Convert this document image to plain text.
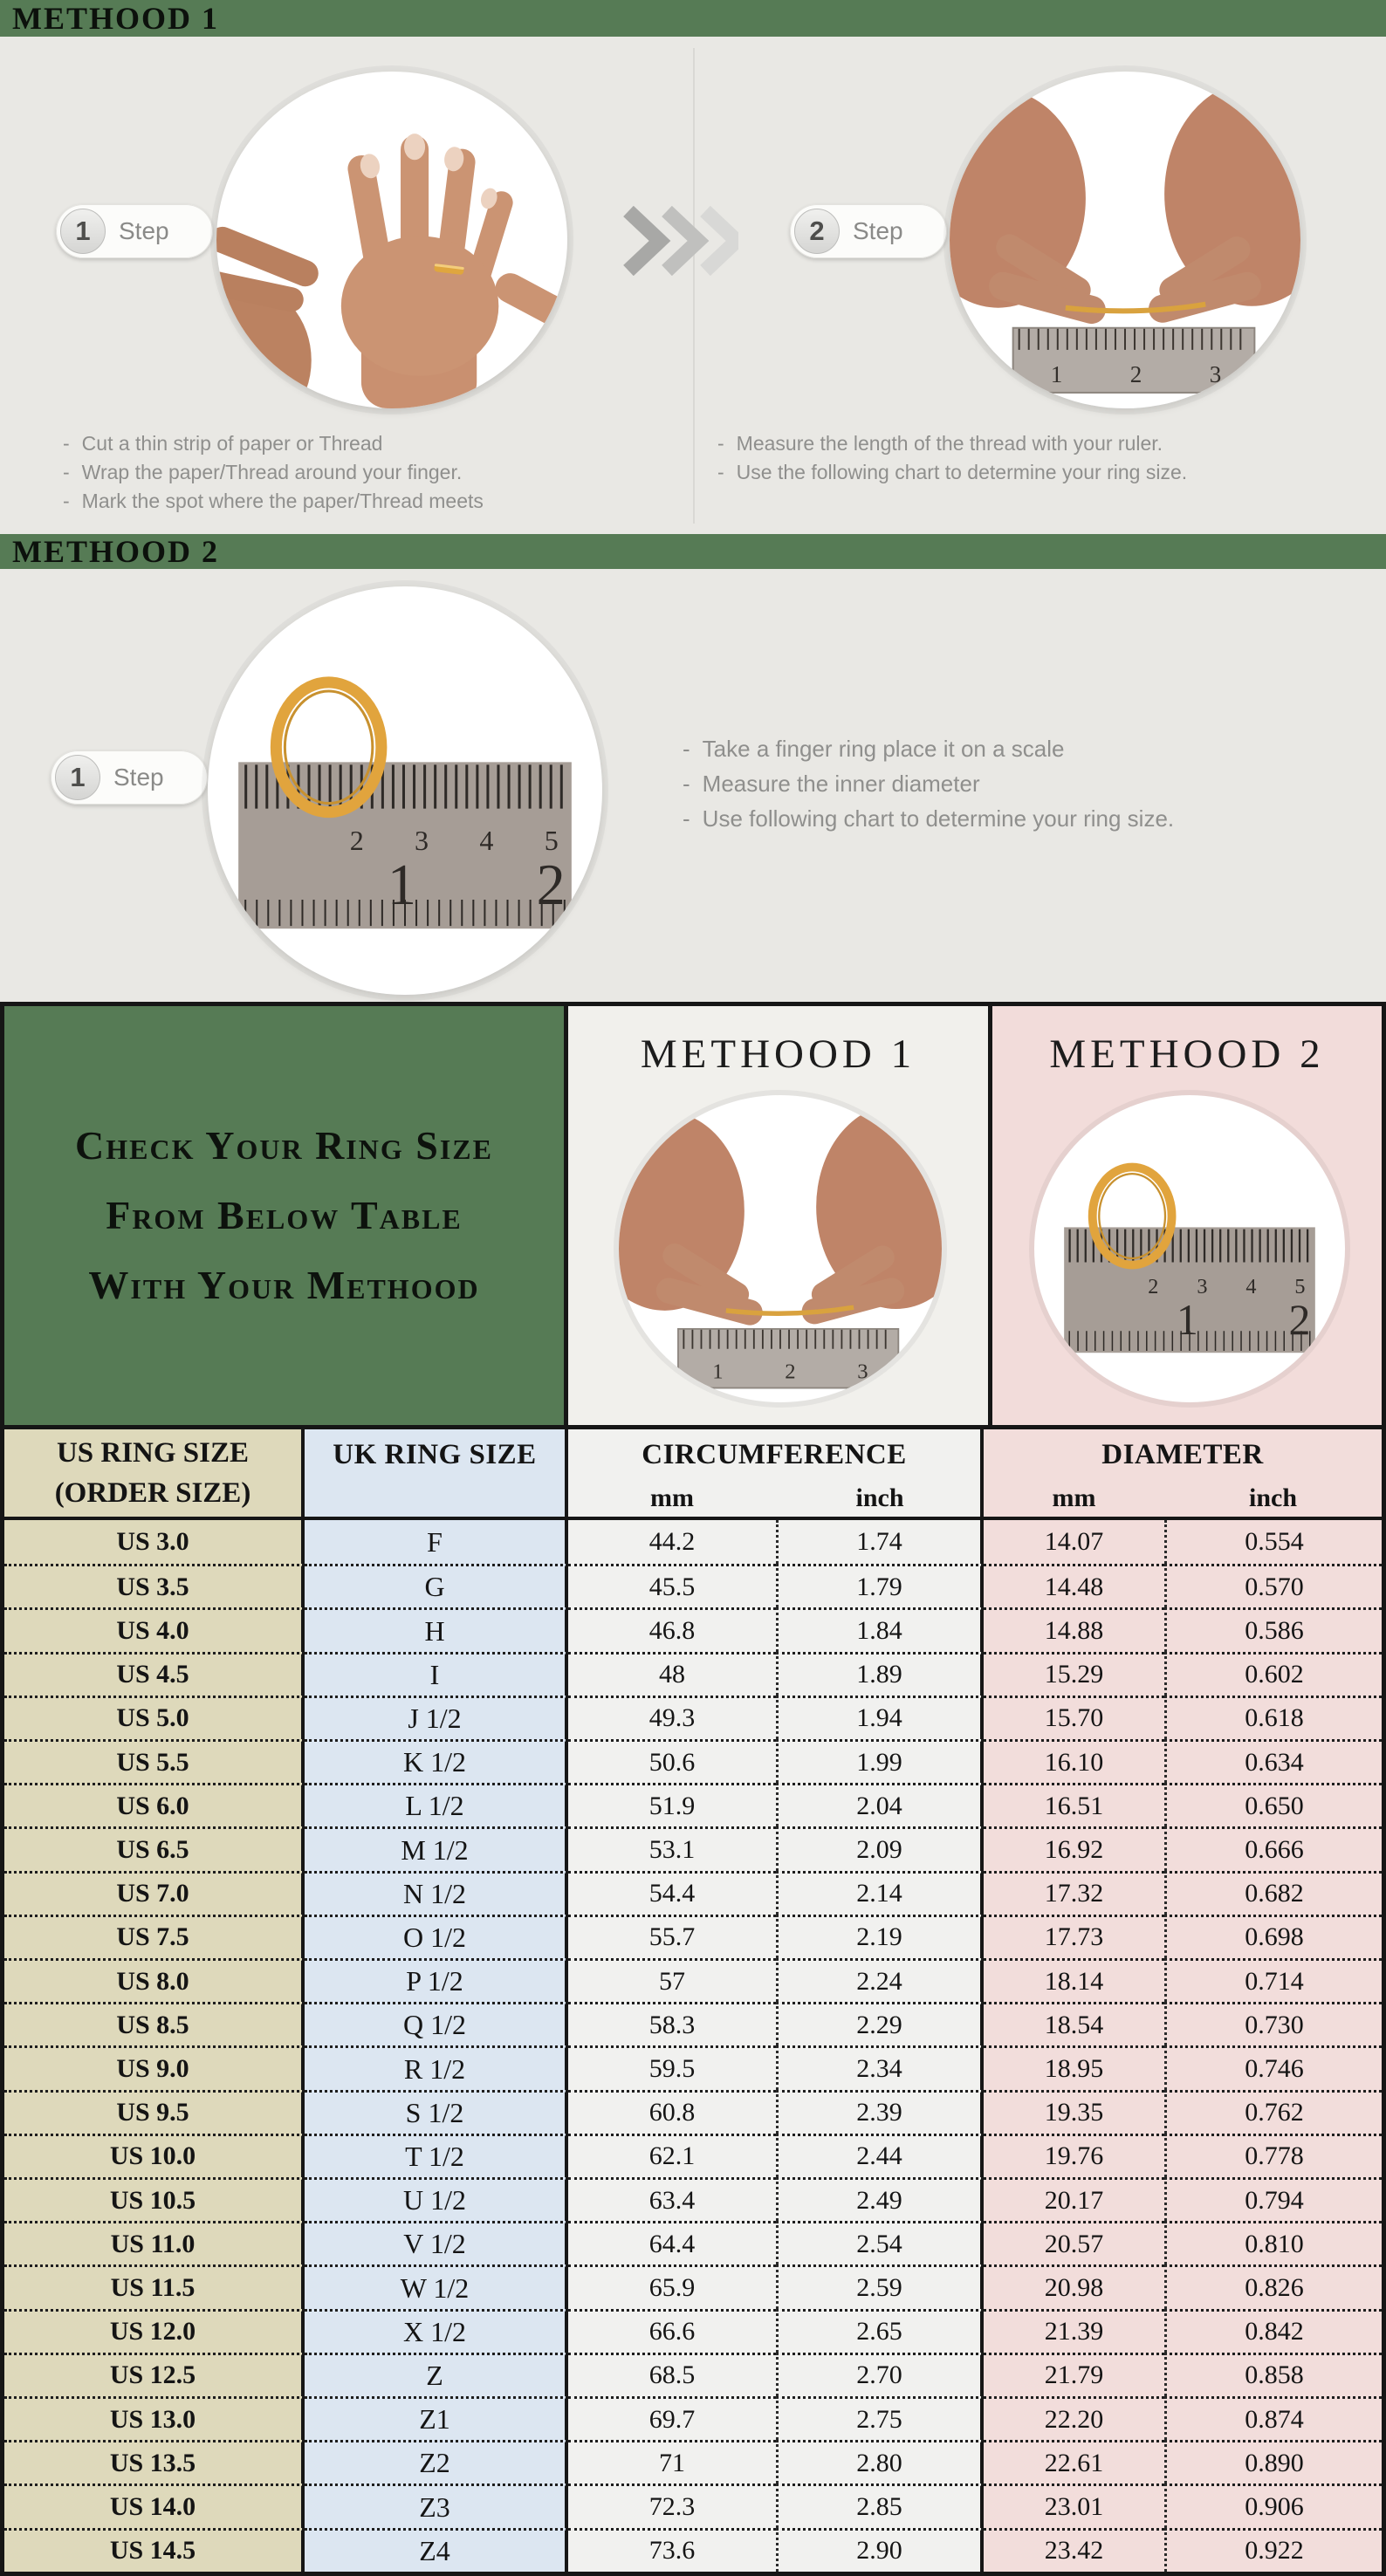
METHOOD 1
1	Step
- Cut a thin strip of paper or Thread
- Wrap the paper/Thread around your finger.
- Mark the spot where the paper/Thread meets
2	Step
1 2 3
- Measure the length of the thread with your ruler.
- Use the following chart to determine your ring size.
METHOOD 2
1	Step
2 3 4 5
1 2
- Take a finger ring place it on a scale
- Measure the inner diameter
- Use following chart to determine your ring size.
Check Your Ring Size
From Below Table
With Your Methood
METHOOD 1
1 2 3
METHOOD 2
2 3 4 5
1 2
US RING SIZE
(ORDER SIZE)
UK RING SIZE	CIRCUMFERENCE
mm	inch
DIAMETER
mm	inch
US 3.0	F	44.2	1.74	14.07	0.554
US 3.5	G	45.5	1.79	14.48	0.570
US 4.0	H	46.8	1.84	14.88	0.586
US 4.5	I	48	1.89	15.29	0.602
US 5.0	J 1/2	49.3	1.94	15.70	0.618
US 5.5	K 1/2	50.6	1.99	16.10	0.634
US 6.0	L 1/2	51.9	2.04	16.51	0.650
US 6.5	M 1/2	53.1	2.09	16.92	0.666
US 7.0	N 1/2	54.4	2.14	17.32	0.682
US 7.5	O 1/2	55.7	2.19	17.73	0.698
US 8.0	P 1/2	57	2.24	18.14	0.714
US 8.5	Q 1/2	58.3	2.29	18.54	0.730
US 9.0	R 1/2	59.5	2.34	18.95	0.746
US 9.5	S 1/2	60.8	2.39	19.35	0.762
US 10.0	T 1/2	62.1	2.44	19.76	0.778
US 10.5	U 1/2	63.4	2.49	20.17	0.794
US 11.0	V 1/2	64.4	2.54	20.57	0.810
US 11.5	W 1/2	65.9	2.59	20.98	0.826
US 12.0	X 1/2	66.6	2.65	21.39	0.842
US 12.5	Z	68.5	2.70	21.79	0.858
US 13.0	Z1	69.7	2.75	22.20	0.874
US 13.5	Z2	71	2.80	22.61	0.890
US 14.0	Z3	72.3	2.85	23.01	0.906
US 14.5	Z4	73.6	2.90	23.42	0.922
